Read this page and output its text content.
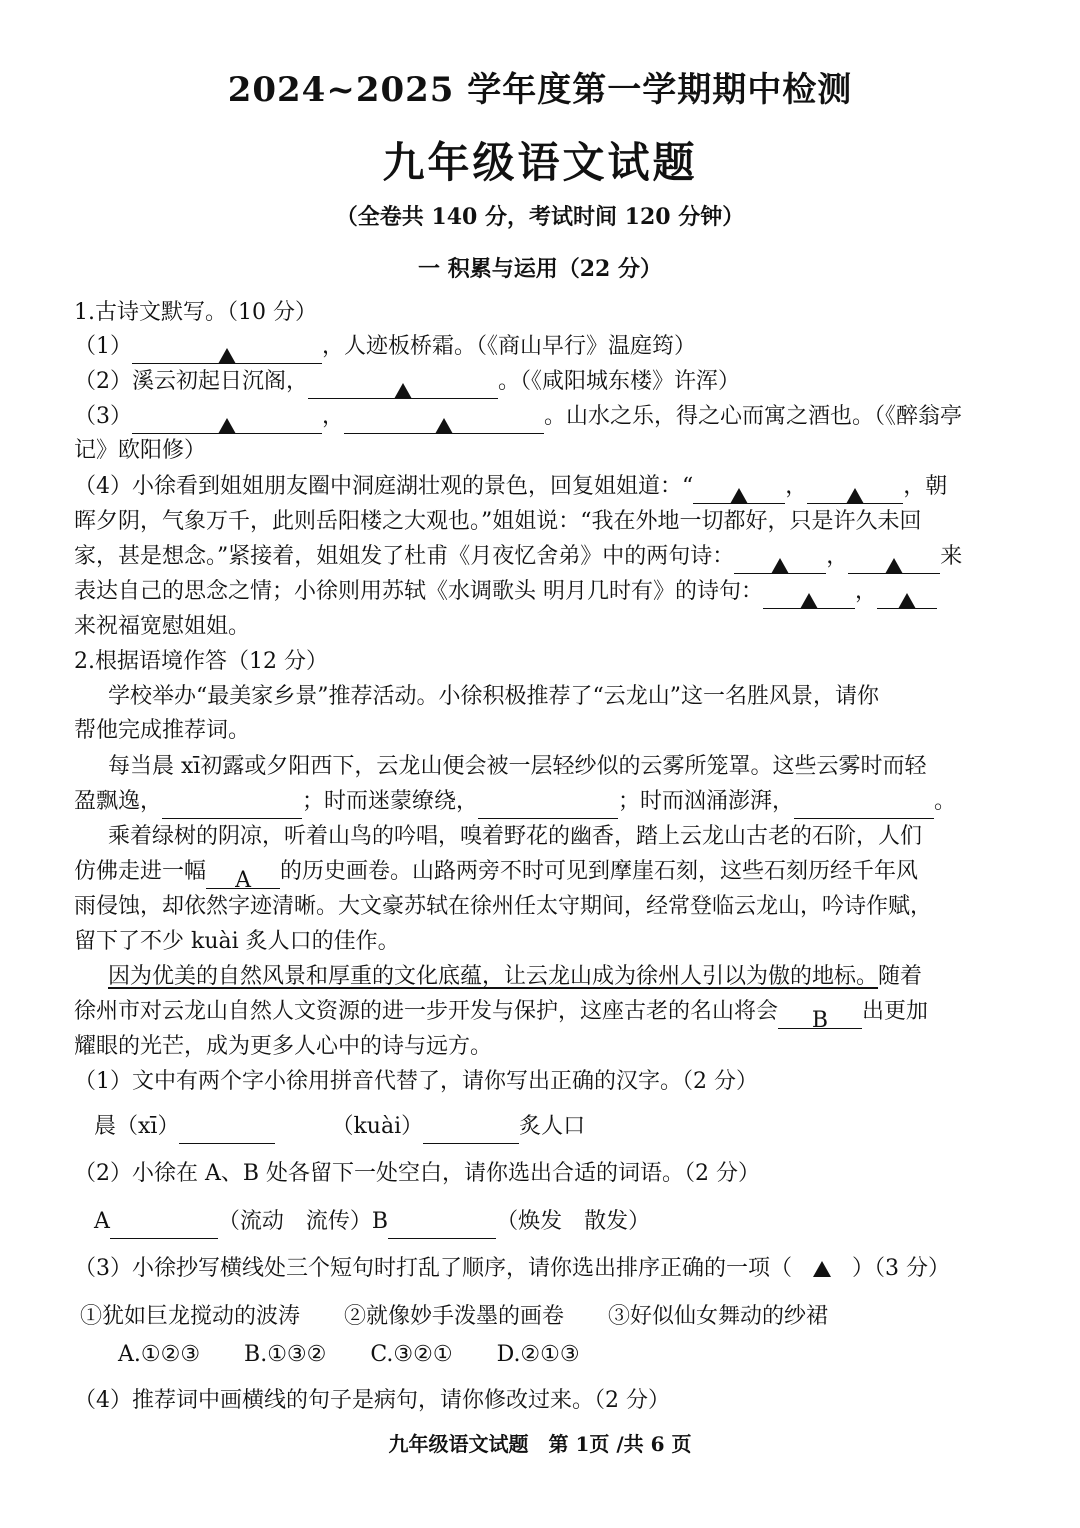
2024~2025 学年度第一学期期中检测
九年级语文试题
（全卷共 140 分，考试时间 120 分钟）
一 积累与运用（22 分）
1.古诗文默写。（10 分）
（1）	，人迹板桥霜。（《商山早行》温庭筠）
（2）溪云初起日沉阁，	。（《咸阳城东楼》许浑）
（3）	，	。山水之乐，得之心而寓之酒也。（《醉翁亭
记》欧阳修）
（4）小徐看到姐姐朋友圈中洞庭湖壮观的景色，回复姐姐道：“	，	，朝
晖夕阴，气象万千，此则岳阳楼之大观也。”姐姐说：“我在外地一切都好，只是许久未回
家，甚是想念。”紧接着，姐姐发了杜甫《月夜忆舍弟》中的两句诗：	，	来
表达自己的思念之情；小徐则用苏轼《水调歌头 明月几时有》的诗句：	，
来祝福宽慰姐姐。
2.根据语境作答（12 分）
学校举办“最美家乡景”推荐活动。小徐积极推荐了“云龙山”这一名胜风景，请你
帮他完成推荐词。
每当晨 xī初露或夕阳西下，云龙山便会被一层轻纱似的云雾所笼罩。这些云雾时而轻
盈飘逸，	；时而迷蒙缭绕，	；时而汹涌澎湃，	。
乘着绿树的阴凉，听着山鸟的吟唱，嗅着野花的幽香，踏上云龙山古老的石阶，人们
仿佛走进一幅 A 的历史画卷。山路两旁不时可见到摩崖石刻，这些石刻历经千年风
雨侵蚀，却依然字迹清晰。大文豪苏轼在徐州任太守期间，经常登临云龙山，吟诗作赋，
留下了不少 kuài 炙人口的佳作。
因为优美的自然风景和厚重的文化底蕴，让云龙山成为徐州人引以为傲的地标。随着
徐州市对云龙山自然人文资源的进一步开发与保护，这座古老的名山将会 B 出更加
耀眼的光芒，成为更多人心中的诗与远方。
（1）文中有两个字小徐用拼音代替了，请你写出正确的汉字。（2 分）
晨（xī）	（kuài）	炙人口
（2）小徐在 A、B 处各留下一处空白，请你选出合适的词语。（2 分）
A	（流动　流传）B	（焕发　散发）
（3）小徐抄写横线处三个短句时打乱了顺序，请你选出排序正确的一项（	）（3 分）
①犹如巨龙搅动的波涛　　②就像妙手泼墨的画卷　　③好似仙女舞动的纱裙
A.①②③　　B.①③②　　C.③②①　　D.②①③
（4）推荐词中画横线的句子是病句，请你修改过来。（2 分）
九年级语文试题　第 1页 /共 6 页
